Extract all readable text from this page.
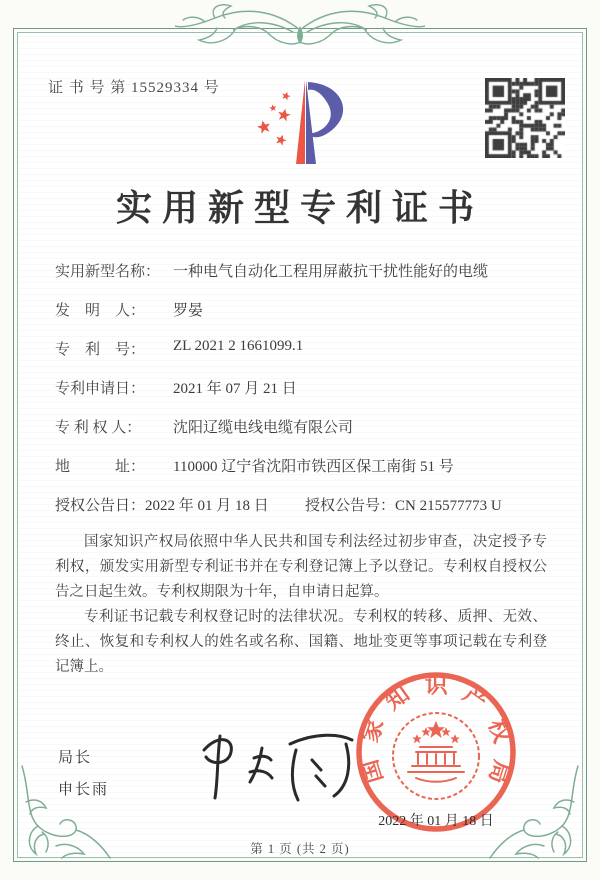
证 书 号 第 15529334 号
实用新型专利证书
实用新型名称： 一种电气自动化工程用屏蔽抗干扰性能好的电缆
发　明　人：	罗晏
专　利　号：	ZL 2021 2 1661099.1
专利申请日：	2021 年 07 月 21 日
专 利 权 人：	沈阳辽缆电线电缆有限公司
地　　　址：	110000 辽宁省沈阳市铁西区保工南街 51 号
授权公告日：2022 年 01 月 18 日 授权公告号：CN 215577773 U

国家知识产权局依照中华人民共和国专利法经过初步审查，决定授予专利权，颁发实用新型专利证书并在专利登记簿上予以登记。专利权自授权公告之日起生效。专利权期限为十年，自申请日起算。

专利证书记载专利权登记时的法律状况。专利权的转移、质押、无效、终止、恢复和专利权人的姓名或名称、国籍、地址变更等事项记载在专利登记簿上。

局长
申长雨
国家知识产权局
2022 年 01 月 18 日
第 1 页 (共 2 页)
